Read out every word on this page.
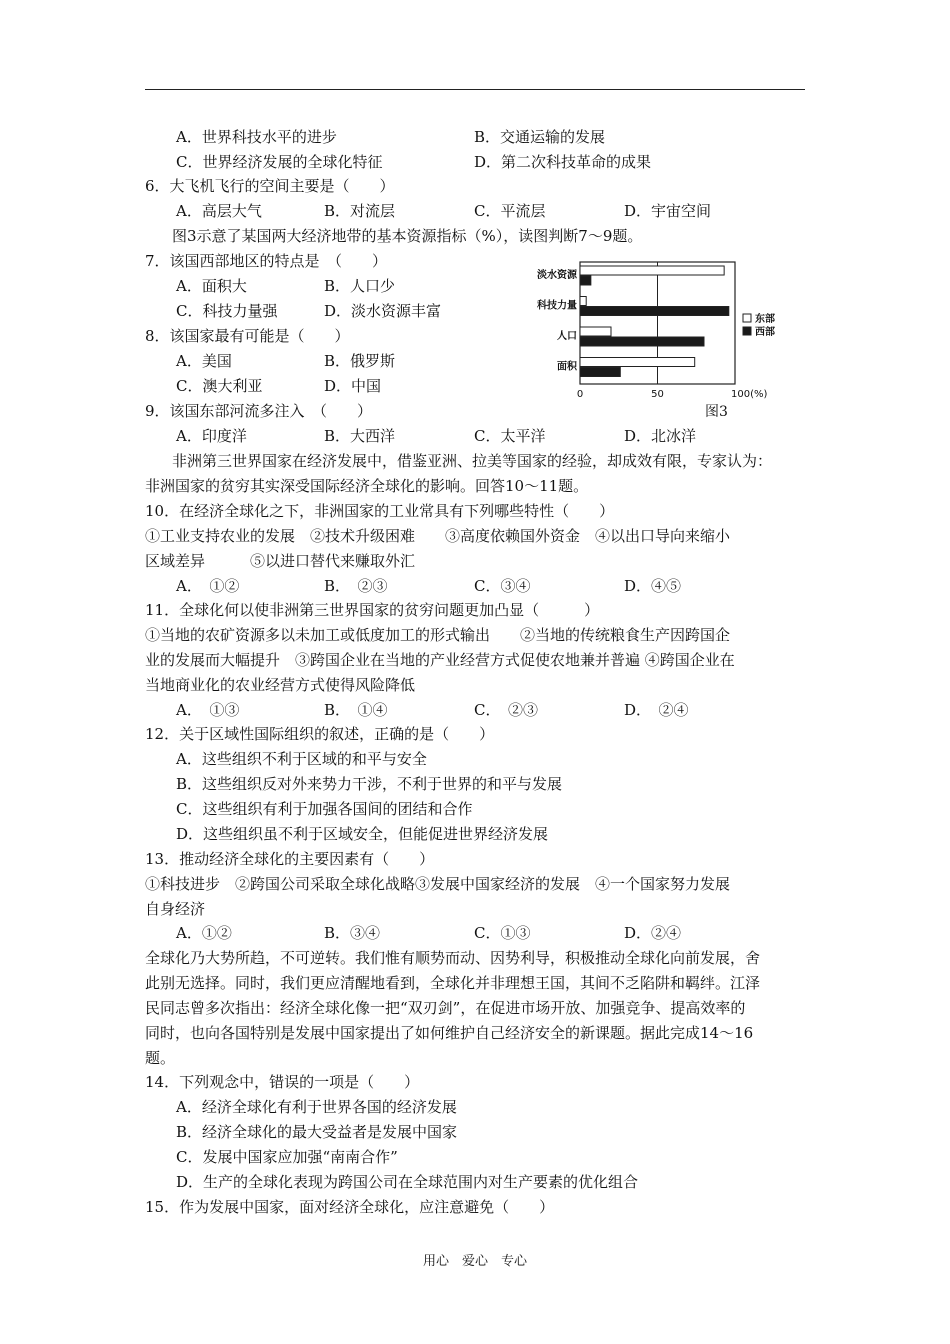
A．世界科技水平的进步	B．交通运输的发展
C．世界经济发展的全球化特征	D．第二次科技革命的成果
6．大飞机飞行的空间主要是（　　）
A．高层大气	B．对流层	C．平流层	D．宇宙空间
图3示意了某国两大经济地带的基本资源指标（%），读图判断7～9题。
7．该国西部地区的特点是　（　　）
A．面积大	B．人口少
C．科技力量强	D．淡水资源丰富
8．该国家最有可能是（　　）
A．美国	B．俄罗斯
C．澳大利亚	D．中国
9．该国东部河流多注入　（　　）
A．印度洋	B．大西洋	C．太平洋	D．北冰洋
淡水资源
科技力量
人口
面积
0	50	100(%)
东部
西部
图3
非洲第三世界国家在经济发展中，借鉴亚洲、拉美等国家的经验，却成效有限，专家认为：
非洲国家的贫穷其实深受国际经济全球化的影响。回答10～11题。
10．在经济全球化之下，非洲国家的工业常具有下列哪些特性（　　）
①工业支持农业的发展　②技术升级困难　　③高度依赖国外资金　④以出口导向来缩小
区域差异　　　⑤以进口替代来赚取外汇
A．　①②	B．　②③	C．③④	D．④⑤
11．全球化何以使非洲第三世界国家的贫穷问题更加凸显（　　　）
①当地的农矿资源多以未加工或低度加工的形式输出　　②当地的传统粮食生产因跨国企
业的发展而大幅提升　③跨国企业在当地的产业经营方式促使农地兼并普遍 ④跨国企业在
当地商业化的农业经营方式使得风险降低
A．　①③	B．　①④	C．　②③	D．　②④
12．关于区域性国际组织的叙述，正确的是（　　）
A．这些组织不利于区域的和平与安全
B．这些组织反对外来势力干涉，不利于世界的和平与发展
C．这些组织有利于加强各国间的团结和合作
D．这些组织虽不利于区域安全，但能促进世界经济发展
13．推动经济全球化的主要因素有（　　）
①科技进步　②跨国公司采取全球化战略③发展中国家经济的发展　④一个国家努力发展
自身经济
A．①②	B．③④	C．①③	D．②④
全球化乃大势所趋，不可逆转。我们惟有顺势而动、因势利导，积极推动全球化向前发展，舍
此别无选择。同时，我们更应清醒地看到，全球化并非理想王国，其间不乏陷阱和羁绊。江泽
民同志曾多次指出：经济全球化像一把“双刃剑”，在促进市场开放、加强竞争、提高效率的
同时，也向各国特别是发展中国家提出了如何维护自己经济安全的新课题。据此完成14～16
题。
14．下列观念中，错误的一项是（　　）
A．经济全球化有利于世界各国的经济发展
B．经济全球化的最大受益者是发展中国家
C．发展中国家应加强“南南合作”
D．生产的全球化表现为跨国公司在全球范围内对生产要素的优化组合
15．作为发展中国家，面对经济全球化，应注意避免（　　）
用心　爱心　专心
